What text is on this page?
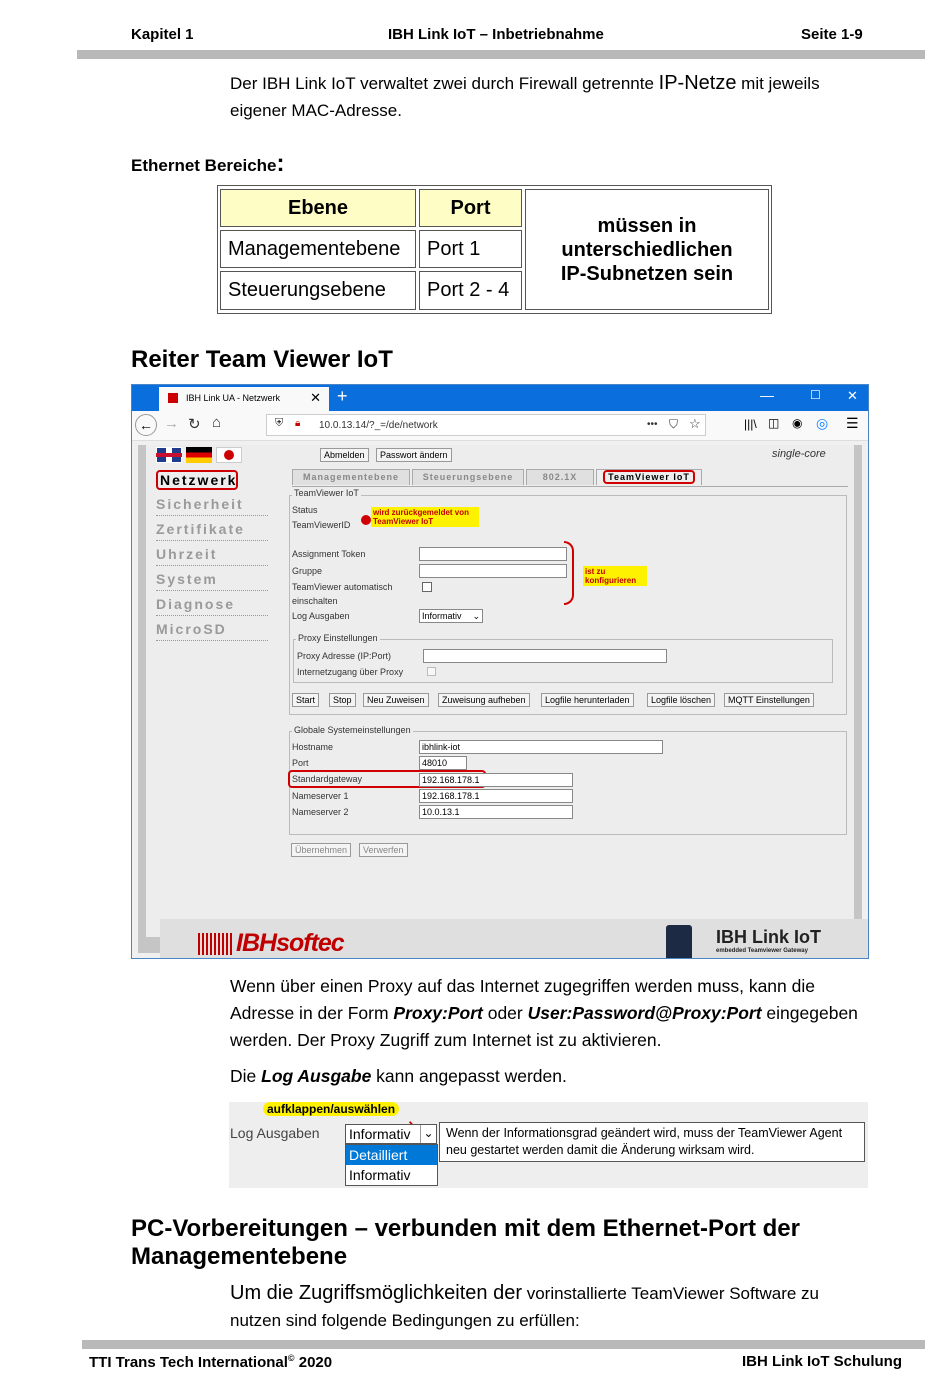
Kapitel 1	IBH Link IoT – Inbetriebnahme	Seite 1-9

Der IBH Link IoT verwaltet zwei durch Firewall getrennte IP-Netze mit jeweils eigener MAC-Adresse.

Ethernet Bereiche:
Ebene	Port
Managementebene	Port 1
Steuerungsebene	Port 2 - 4
müssen in
unterschiedlichen
IP-Subnetzen sein
Reiter Team Viewer IoT
IBH Link UA - Netzwerk ✕ +	—	☐ ✕
← → ↻ ⌂	⛨ 🔒︎ 10.0.13.14/?_=/de/network	••• ⛉ ☆	|||\ ◫ ◉ ◎ ☰
Abmelden	Passwort ändern	single-core
Netzwerk
Sicherheit
Zertifikate
Uhrzeit
System
Diagnose
MicroSD
Managementebene	Steuerungsebene	802.1X	TeamViewer IoT
TeamViewer IoT
Status
TeamViewerID
wird zurückgemeldet von TeamViewer IoT
Assignment Token
Gruppe
TeamViewer automatisch
einschalten
Log Ausgaben	Informativ ⌄
ist zu konfigurieren
Proxy Einstellungen
Proxy Adresse (IP:Port)
Internetzugang über Proxy
Start	Stop	Neu Zuweisen	Zuweisung aufheben	Logfile herunterladen	Logfile löschen	MQTT Einstellungen
Globale Systemeinstellungen
Hostname	ibhlink-iot
Port	48010
Standardgateway	192.168.178.1
Nameserver 1	192.168.178.1
Nameserver 2	10.0.13.1
Übernehmen	Verwerfen
IBHsoftec	IBH Link IoT
embedded Teamviewer Gateway

Wenn über einen Proxy auf das Internet zugegriffen werden muss, kann die Adresse in der Form Proxy:Port oder User:Password@Proxy:Port eingegeben werden. Der Proxy Zugriff zum Internet ist zu aktivieren.

Die Log Ausgabe kann angepasst werden.

aufklappen/auswählen
Log Ausgaben Informativ	⌄
Detailliert
Informativ
Wenn der Informationsgrad geändert wird, muss der TeamViewer Agent neu gestartet werden damit die Änderung wirksam wird.
PC-Vorbereitungen – verbunden mit dem Ethernet-Port der Managementebene

Um die Zugriffsmöglichkeiten der vorinstallierte TeamViewer Software zu nutzen sind folgende Bedingungen zu erfüllen:

TTI Trans Tech International© 2020	IBH Link IoT Schulung
